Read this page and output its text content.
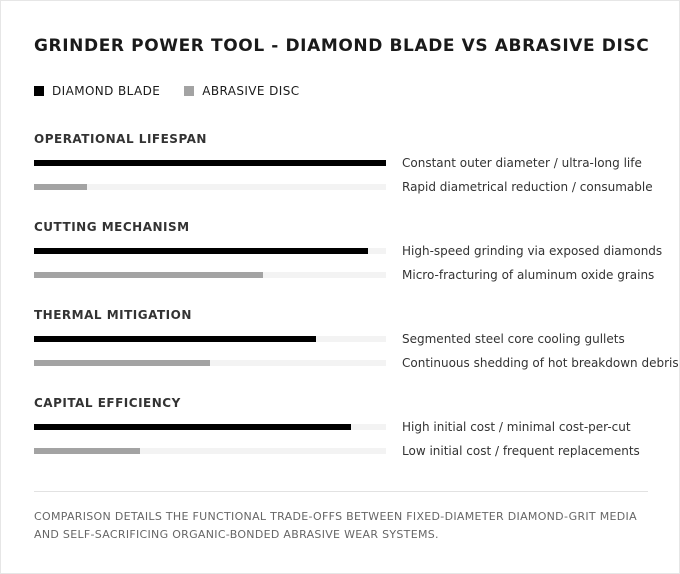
GRINDER POWER TOOL - DIAMOND BLADE VS ABRASIVE DISC
DIAMOND BLADE	ABRASIVE DISC
OPERATIONAL LIFESPAN
Constant outer diameter / ultra-long life
Rapid diametrical reduction / consumable
CUTTING MECHANISM
High-speed grinding via exposed diamonds
Micro-fracturing of aluminum oxide grains
THERMAL MITIGATION
Segmented steel core cooling gullets
Continuous shedding of hot breakdown debris
CAPITAL EFFICIENCY
High initial cost / minimal cost-per-cut
Low initial cost / frequent replacements
COMPARISON DETAILS THE FUNCTIONAL TRADE-OFFS BETWEEN FIXED-DIAMETER DIAMOND-GRIT MEDIA AND SELF-SACRIFICING ORGANIC-BONDED ABRASIVE WEAR SYSTEMS.
